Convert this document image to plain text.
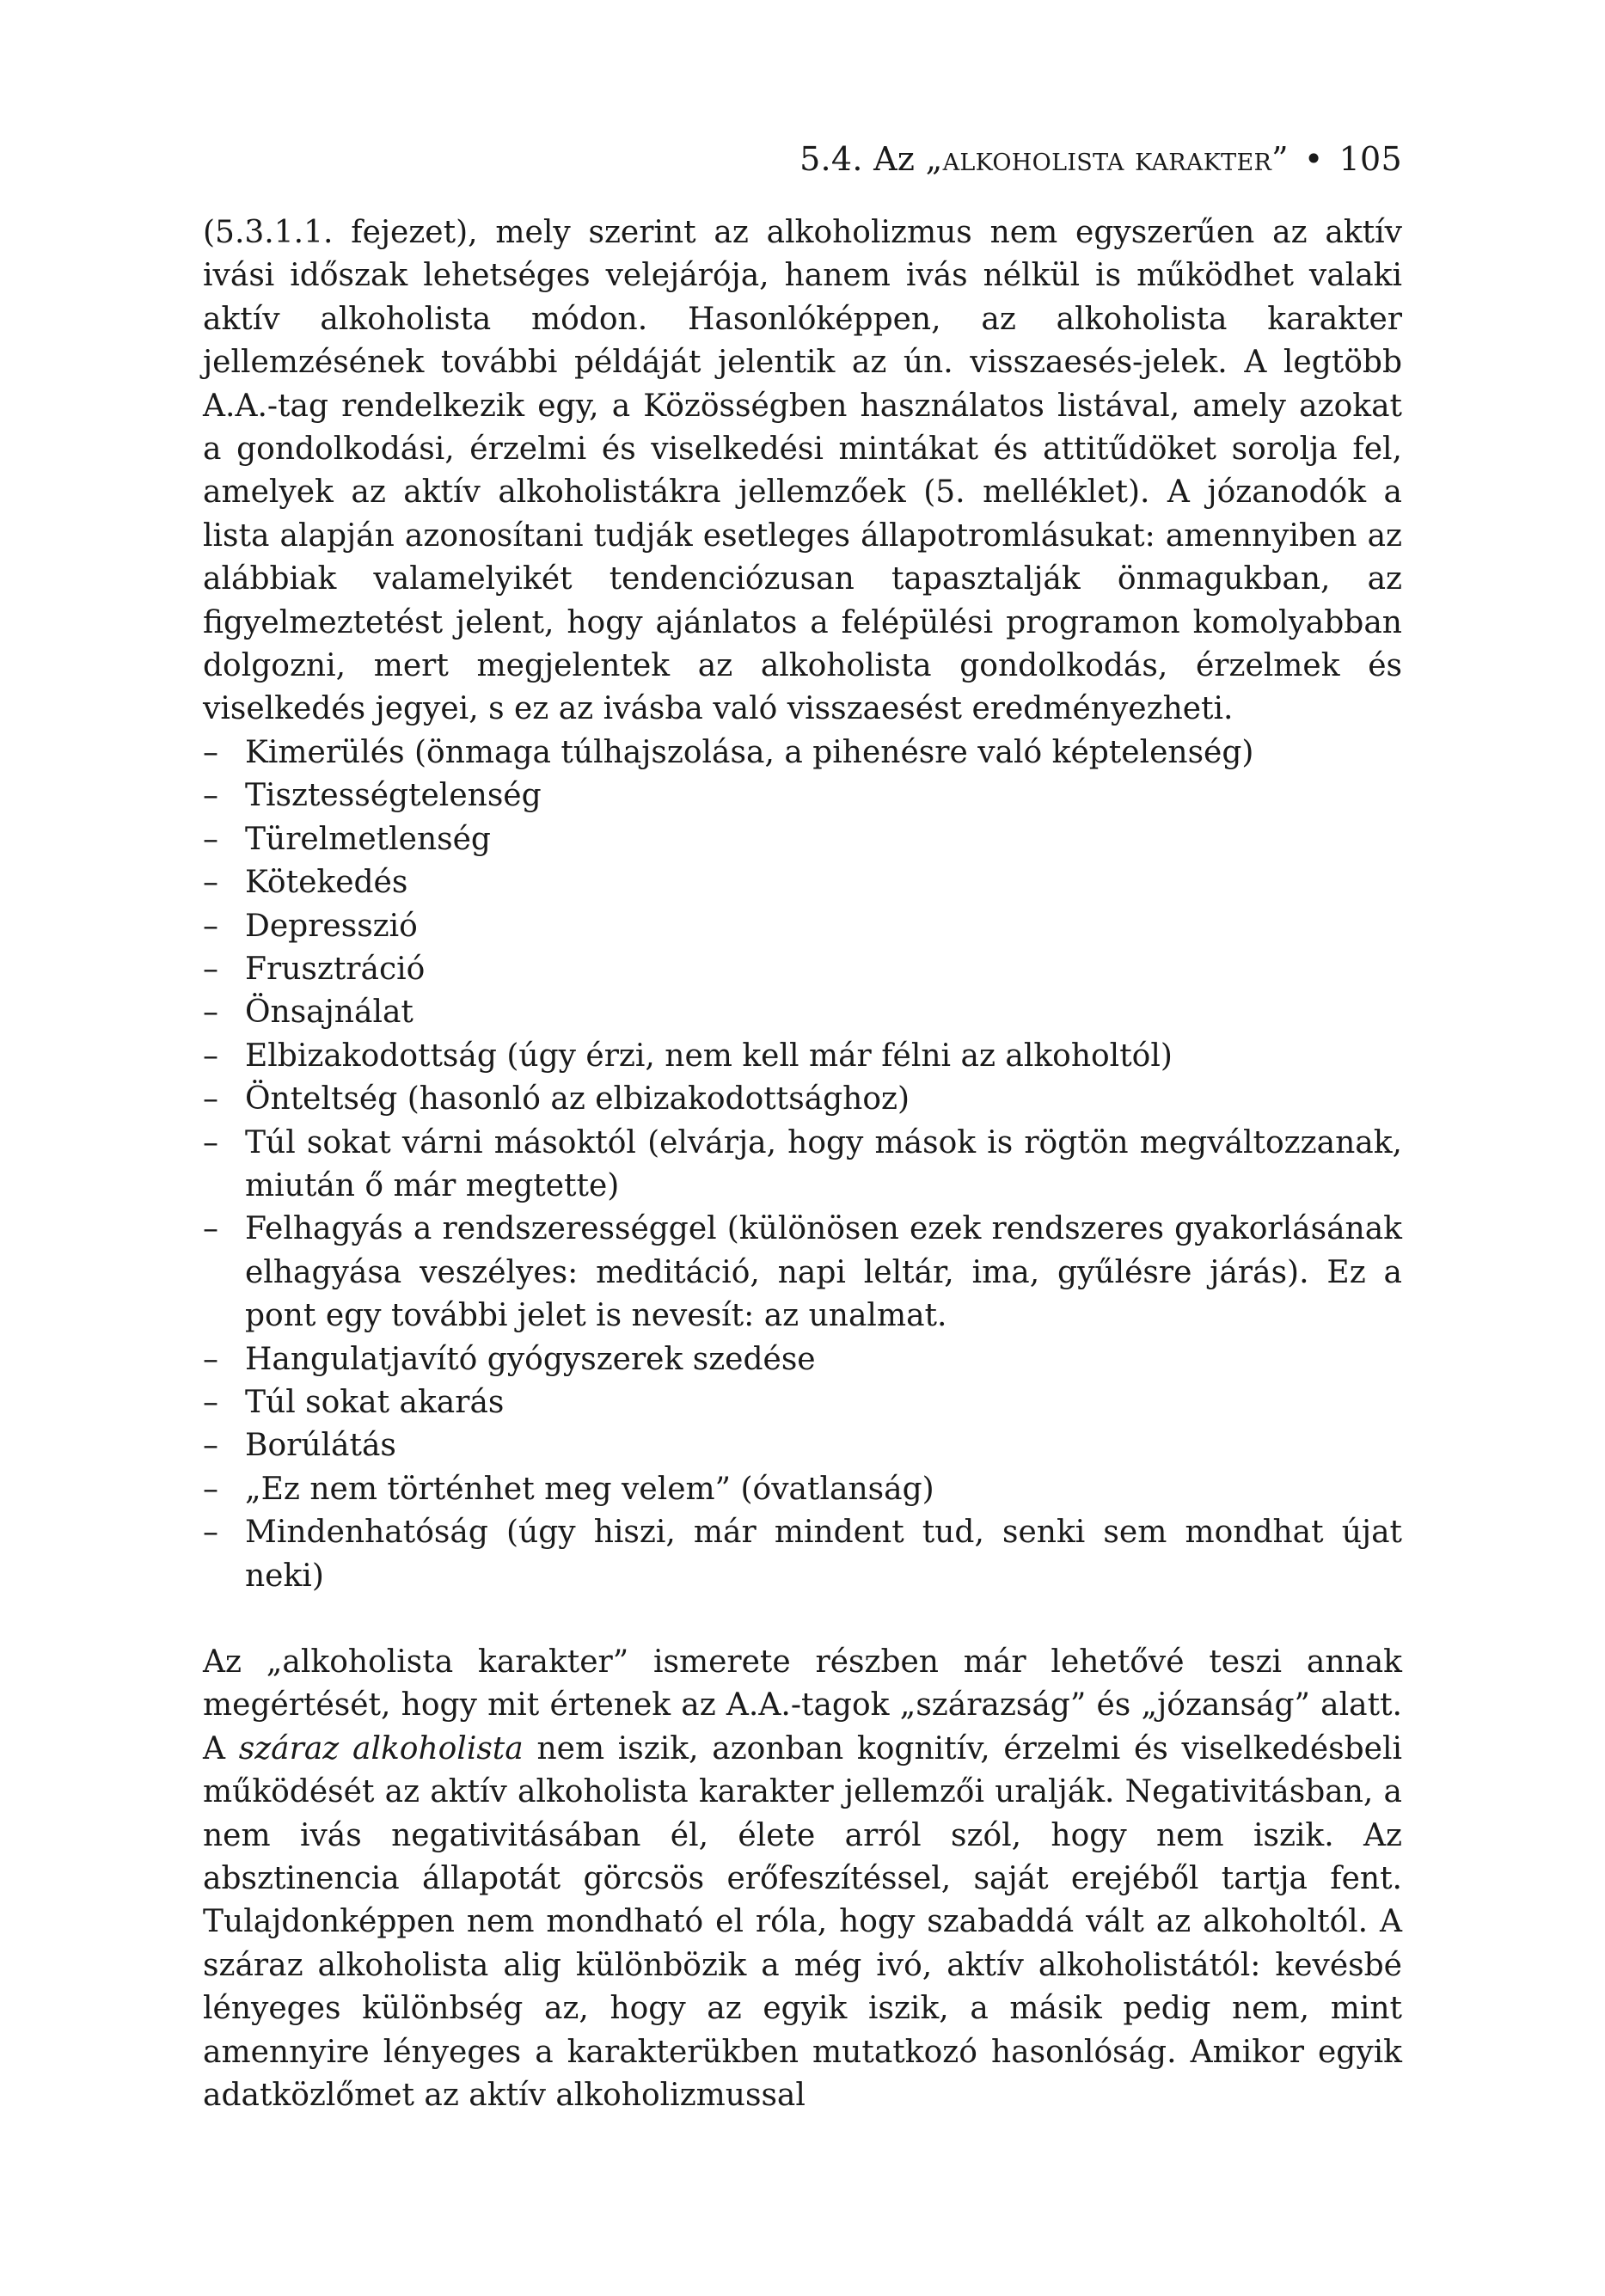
5.4. Az „alkoholista karakter” • 105

(5.3.1.1. fejezet), mely szerint az alkoholizmus nem egyszerűen az aktív ivási időszak lehetséges velejárója, hanem ivás nélkül is működhet valaki aktív alkoholista módon. Hasonlóképpen, az alkoholista karakter jellemzésének további példáját jelentik az ún. visszaesés-jelek. A legtöbb A.A.-tag rendelkezik egy, a Közösségben használatos listával, amely azokat a gondolkodási, érzelmi és viselkedési mintákat és attitűdöket sorolja fel, amelyek az aktív alkoholistákra jellemzőek (5. melléklet). A józanodók a lista alapján azonosítani tudják esetleges állapotromlásukat: amennyiben az alábbiak valamelyikét tendenciózusan tapasztalják önmagukban, az figyelmeztetést jelent, hogy ajánlatos a felépülési programon komolyabban dolgozni, mert megjelentek az alkoholista gondolkodás, érzelmek és viselkedés jegyei, s ez az ivásba való visszaesést eredményezheti.

– Kimerülés (önmaga túlhajszolása, a pihenésre való képtelenség)
– Tisztességtelenség
– Türelmetlenség
– Kötekedés
– Depresszió
– Frusztráció
– Önsajnálat
– Elbizakodottság (úgy érzi, nem kell már félni az alkoholtól)
– Önteltség (hasonló az elbizakodottsághoz)
– Túl sokat várni másoktól (elvárja, hogy mások is rögtön megváltozzanak, miután ő már megtette)
– Felhagyás a rendszerességgel (különösen ezek rendszeres gyakorlásának elhagyása veszélyes: meditáció, napi leltár, ima, gyűlésre járás). Ez a pont egy további jelet is nevesít: az unalmat.
– Hangulatjavító gyógyszerek szedése
– Túl sokat akarás
– Borúlátás
– „Ez nem történhet meg velem” (óvatlanság)
– Mindenhatóság (úgy hiszi, már mindent tud, senki sem mondhat újat neki)

Az „alkoholista karakter” ismerete részben már lehetővé teszi annak megértését, hogy mit értenek az A.A.-tagok „szárazság” és „józanság” alatt. A száraz alkoholista nem iszik, azonban kognitív, érzelmi és viselkedésbeli működését az aktív alkoholista karakter jellemzői uralják. Negativitásban, a nem ivás negativitásában él, élete arról szól, hogy nem iszik. Az absztinencia állapotát görcsös erőfeszítéssel, saját erejéből tartja fent. Tulajdonképpen nem mondható el róla, hogy szabaddá vált az alkoholtól. A száraz alkoholista alig különbözik a még ivó, aktív alkoholistától: kevésbé lényeges különbség az, hogy az egyik iszik, a másik pedig nem, mint amennyire lényeges a karakterükben mutatkozó hasonlóság. Amikor egyik adatközlőmet az aktív alkoholizmussal
